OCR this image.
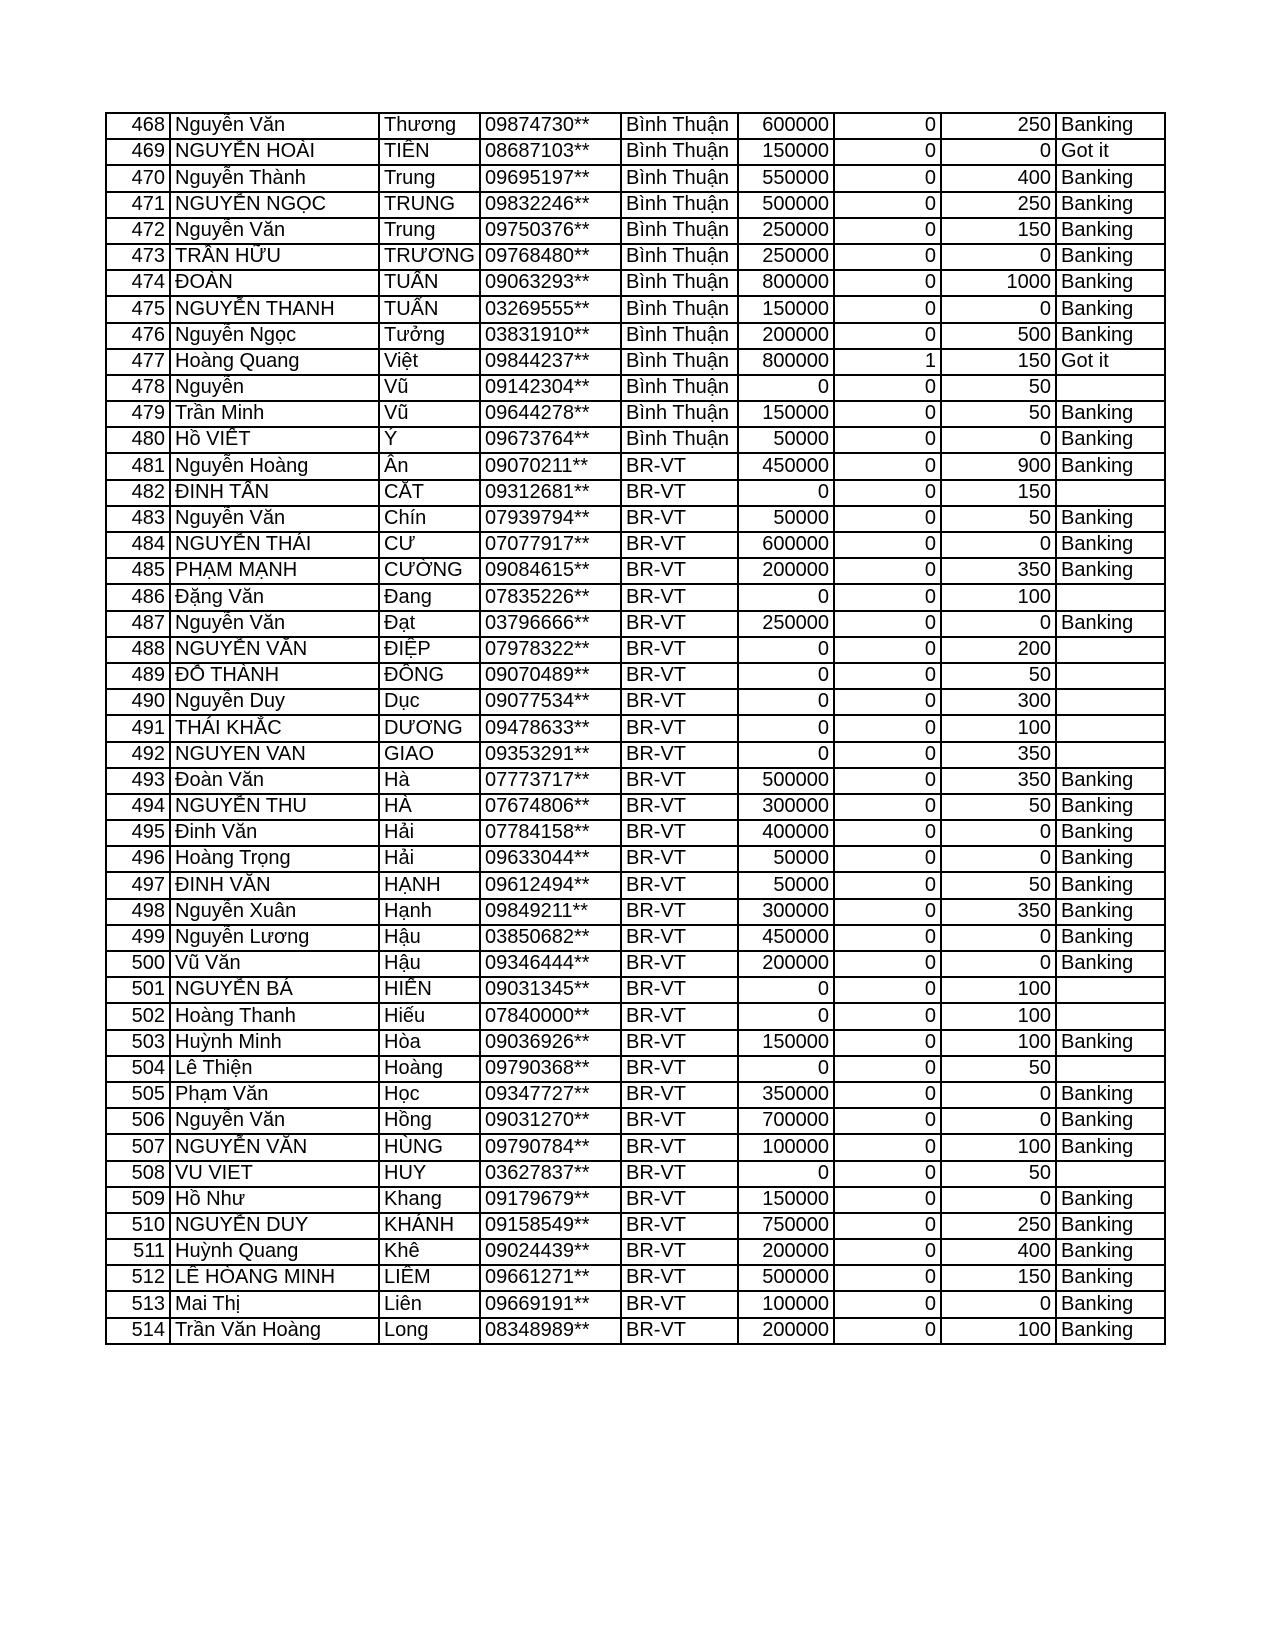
468	Nguyễn Văn	Thương	09874730**	Bình Thuận	600000	0	250	Banking
469	NGUYỄN HOÀI	TIÊN	08687103**	Bình Thuận	150000	0	0	Got it
470	Nguyễn Thành	Trung	09695197**	Bình Thuận	550000	0	400	Banking
471	NGUYỄN NGỌC	TRUNG	09832246**	Bình Thuận	500000	0	250	Banking
472	Nguyễn Văn	Trung	09750376**	Bình Thuận	250000	0	150	Banking
473	TRẦN HỮU	TRƯƠNG	09768480**	Bình Thuận	250000	0	0	Banking
474	ĐOÀN	TUẤN	09063293**	Bình Thuận	800000	0	1000	Banking
475	NGUYỄN THANH	TUẤN	03269555**	Bình Thuận	150000	0	0	Banking
476	Nguyễn Ngọc	Tưởng	03831910**	Bình Thuận	200000	0	500	Banking
477	Hoàng Quang	Việt	09844237**	Bình Thuận	800000	1	150	Got it
478	Nguyễn	Vũ	09142304**	Bình Thuận	0	0	50	
479	Trần Minh	Vũ	09644278**	Bình Thuận	150000	0	50	Banking
480	Hồ VIẾT	Ý	09673764**	Bình Thuận	50000	0	0	Banking
481	Nguyễn Hoàng	Ân	09070211**	BR-VT	450000	0	900	Banking
482	ĐINH TẤN	CẮT	09312681**	BR-VT	0	0	150	
483	Nguyễn Văn	Chín	07939794**	BR-VT	50000	0	50	Banking
484	NGUYỄN THÁI	CƯ	07077917**	BR-VT	600000	0	0	Banking
485	PHẠM MẠNH	CƯỜNG	09084615**	BR-VT	200000	0	350	Banking
486	Đặng Văn	Đang	07835226**	BR-VT	0	0	100	
487	Nguyễn Văn	Đạt	03796666**	BR-VT	250000	0	0	Banking
488	NGUYỄN VĂN	ĐIỆP	07978322**	BR-VT	0	0	200	
489	ĐỖ THÀNH	ĐỒNG	09070489**	BR-VT	0	0	50	
490	Nguyễn Duy	Dục	09077534**	BR-VT	0	0	300	
491	THÁI KHẮC	DƯƠNG	09478633**	BR-VT	0	0	100	
492	NGUYEN VAN	GIAO	09353291**	BR-VT	0	0	350	
493	Đoàn Văn	Hà	07773717**	BR-VT	500000	0	350	Banking
494	NGUYỄN THU	HÀ	07674806**	BR-VT	300000	0	50	Banking
495	Đinh Văn	Hải	07784158**	BR-VT	400000	0	0	Banking
496	Hoàng Trọng	Hải	09633044**	BR-VT	50000	0	0	Banking
497	ĐINH VĂN	HẠNH	09612494**	BR-VT	50000	0	50	Banking
498	Nguyễn Xuân	Hạnh	09849211**	BR-VT	300000	0	350	Banking
499	Nguyễn Lương	Hậu	03850682**	BR-VT	450000	0	0	Banking
500	Vũ Văn	Hậu	09346444**	BR-VT	200000	0	0	Banking
501	NGUYỄN BÁ	HIẾN	09031345**	BR-VT	0	0	100	
502	Hoàng Thanh	Hiếu	07840000**	BR-VT	0	0	100	
503	Huỳnh Minh	Hòa	09036926**	BR-VT	150000	0	100	Banking
504	Lê Thiện	Hoàng	09790368**	BR-VT	0	0	50	
505	Phạm Văn	Học	09347727**	BR-VT	350000	0	0	Banking
506	Nguyễn Văn	Hồng	09031270**	BR-VT	700000	0	0	Banking
507	NGUYỄN VĂN	HÙNG	09790784**	BR-VT	100000	0	100	Banking
508	VU VIET	HUY	03627837**	BR-VT	0	0	50	
509	Hồ Như	Khang	09179679**	BR-VT	150000	0	0	Banking
510	NGUYỄN DUY	KHÁNH	09158549**	BR-VT	750000	0	250	Banking
511	Huỳnh Quang	Khê	09024439**	BR-VT	200000	0	400	Banking
512	LÊ HÒANG MINH	LIÊM	09661271**	BR-VT	500000	0	150	Banking
513	Mai Thị	Liên	09669191**	BR-VT	100000	0	0	Banking
514	Trần Văn Hoàng	Long	08348989**	BR-VT	200000	0	100	Banking
